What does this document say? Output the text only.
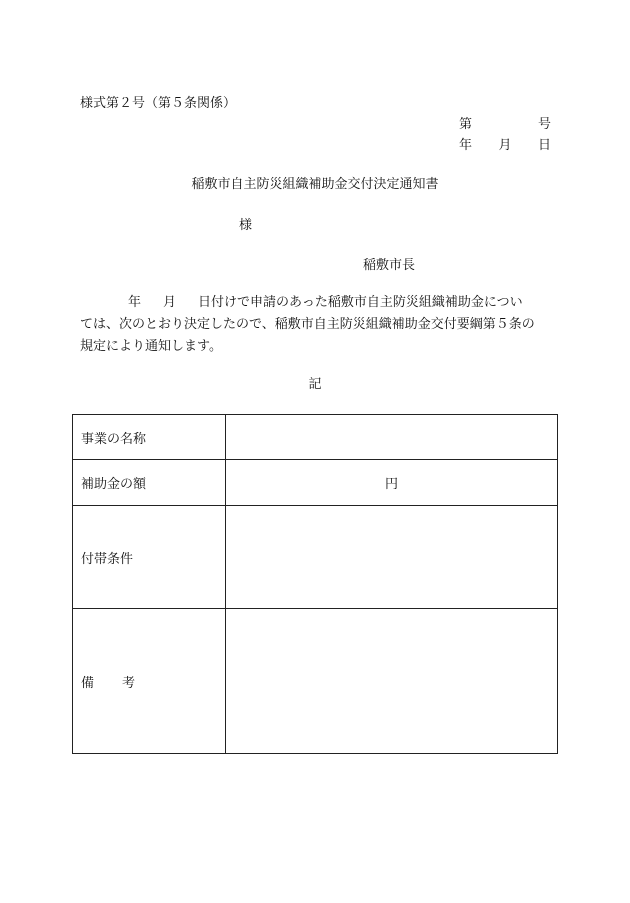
様式第２号（第５条関係）
第	号
年 月 日
稲敷市自主防災組織補助金交付決定通知書
様
稲敷市長
年 月 日付けで申請のあった稲敷市自主防災組織補助金につい
ては、次のとおり決定したので、稲敷市自主防災組織補助金交付要綱第５条の
規定により通知します。
記
事業の名称	
補助金の額	円
付帯条件	
備 考	
